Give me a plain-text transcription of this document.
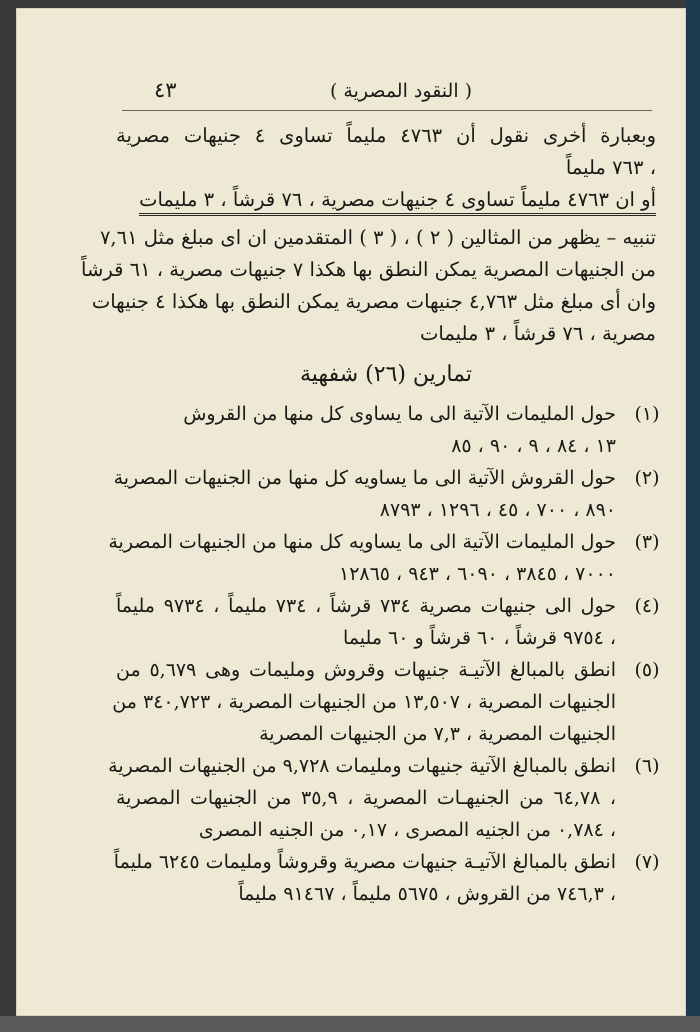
( النقود المصرية )
٤٣
وبعبارة أخرى نقول أن ٤٧٦٣ مليماً تساوى ٤ جنيهات مصرية
، ٧٦٣ مليماً
أو ان ٤٧٦٣ مليماً تساوى ٤ جنيهات مصرية ، ٧٦ قرشاً ، ٣ مليمات
تنبيه – يظهر من المثالين ( ٢ ) ، ( ٣ ) المتقدمين ان اى مبلغ مثل ٧,٦١
من الجنيهات المصرية يمكن النطق بها هكذا ٧ جنيهات مصرية ، ٦١ قرشاً
وان أى مبلغ مثل ٤,٧٦٣ جنيهات مصرية يمكن النطق بها هكذا ٤ جنيهات
مصرية ، ٧٦ قرشاً ، ٣ مليمات
تمارين (٢٦) شفهية
(١)
حول المليمات الآتية الى ما يساوى كل منها من القروش
١٣ ، ٨٤ ، ٩ ، ٩٠ ، ٨٥
(٢)
حول القروش الآتية الى ما يساويه كل منها من الجنيهات المصرية
٨٩٠ ، ٧٠٠ ، ٤٥ ، ١٢٩٦ ، ٨٧٩٣
(٣)
حول المليمات الآتية الى ما يساويه كل منها من الجنيهات المصرية
٧٠٠٠ ، ٣٨٤٥ ، ٦٠٩٠ ، ٩٤٣ ، ١٢٨٦٥
(٤)
حول الى جنيهات مصرية ٧٣٤ قرشاً ، ٧٣٤ مليماً ، ٩٧٣٤ مليماً
، ٩٧٥٤ قرشاً ، ٦٠ قرشاً و ٦٠ مليما
(٥)
انطق بالمبالغ الآتيـة جنيهات وقروش ومليمات وهى ٥,٦٧٩ من
الجنيهات المصرية ، ١٣,٥٠٧ من الجنيهات المصرية ، ٣٤٠,٧٢٣ من
الجنيهات المصرية ، ٧,٣ من الجنيهات المصرية
(٦)
انطق بالمبالغ الآتية جنيهات ومليمات ٩,٧٢٨ من الجنيهات المصرية
، ٦٤,٧٨ من الجنيهـات المصرية ، ٣٥,٩ من الجنيهات المصرية
، ٠,٧٨٤ من الجنيه المصرى ، ٠,١٧ من الجنيه المصرى
(٧)
انطق بالمبالغ الآتيـة جنيهات مصرية وقروشاً ومليمات ٦٢٤٥ مليماً
، ٧٤٦,٣ من القروش ، ٥٦٧٥ مليماً ، ٩١٤٦٧ مليماً
